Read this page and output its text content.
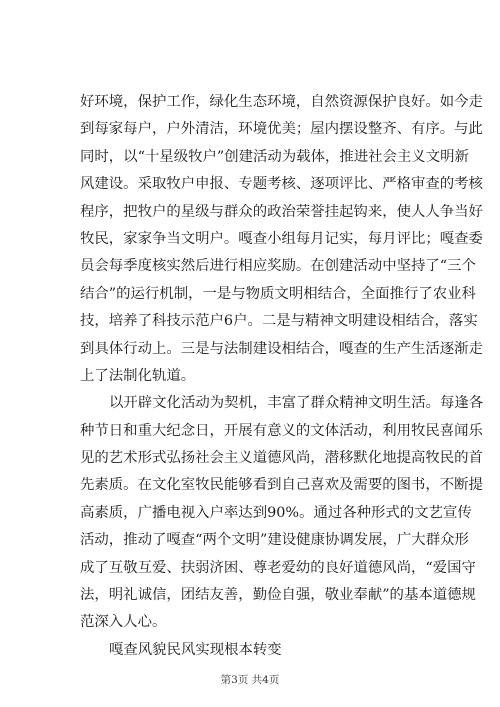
好环境，保护工作，绿化生态环境，自然资源保护良好。如今走
到每家每户，户外清洁，环境优美；屋内摆设整齐、有序。与此
同时，以“十星级牧户”创建活动为载体，推进社会主义文明新
风建设。采取牧户申报、专题考核、逐项评比、严格审查的考核
程序，把牧户的星级与群众的政治荣誉挂起钩来，使人人争当好
牧民，家家争当文明户。嘎查小组每月记实，每月评比；嘎查委
员会每季度核实然后进行相应奖励。在创建活动中坚持了“三个
结合”的运行机制，一是与物质文明相结合，全面推行了农业科
技，培养了科技示范户6户。二是与精神文明建设相结合，落实
到具体行动上。三是与法制建设相结合，嘎查的生产生活逐渐走
上了法制化轨道。
以开辟文化活动为契机，丰富了群众精神文明生活。每逢各
种节日和重大纪念日，开展有意义的文体活动，利用牧民喜闻乐
见的艺术形式弘扬社会主义道德风尚，潜移默化地提高牧民的首
先素质。在文化室牧民能够看到自己喜欢及需要的图书，不断提
高素质，广播电视入户率达到90%。通过各种形式的文艺宣传
活动，推动了嘎查“两个文明”建设健康协调发展，广大群众形
成了互敬互爱、扶弱济困、尊老爱幼的良好道德风尚，“爱国守
法，明礼诚信，团结友善，勤俭自强，敬业奉献”的基本道德规
范深入人心。
嘎查风貌民风实现根本转变
第3页 共4页
